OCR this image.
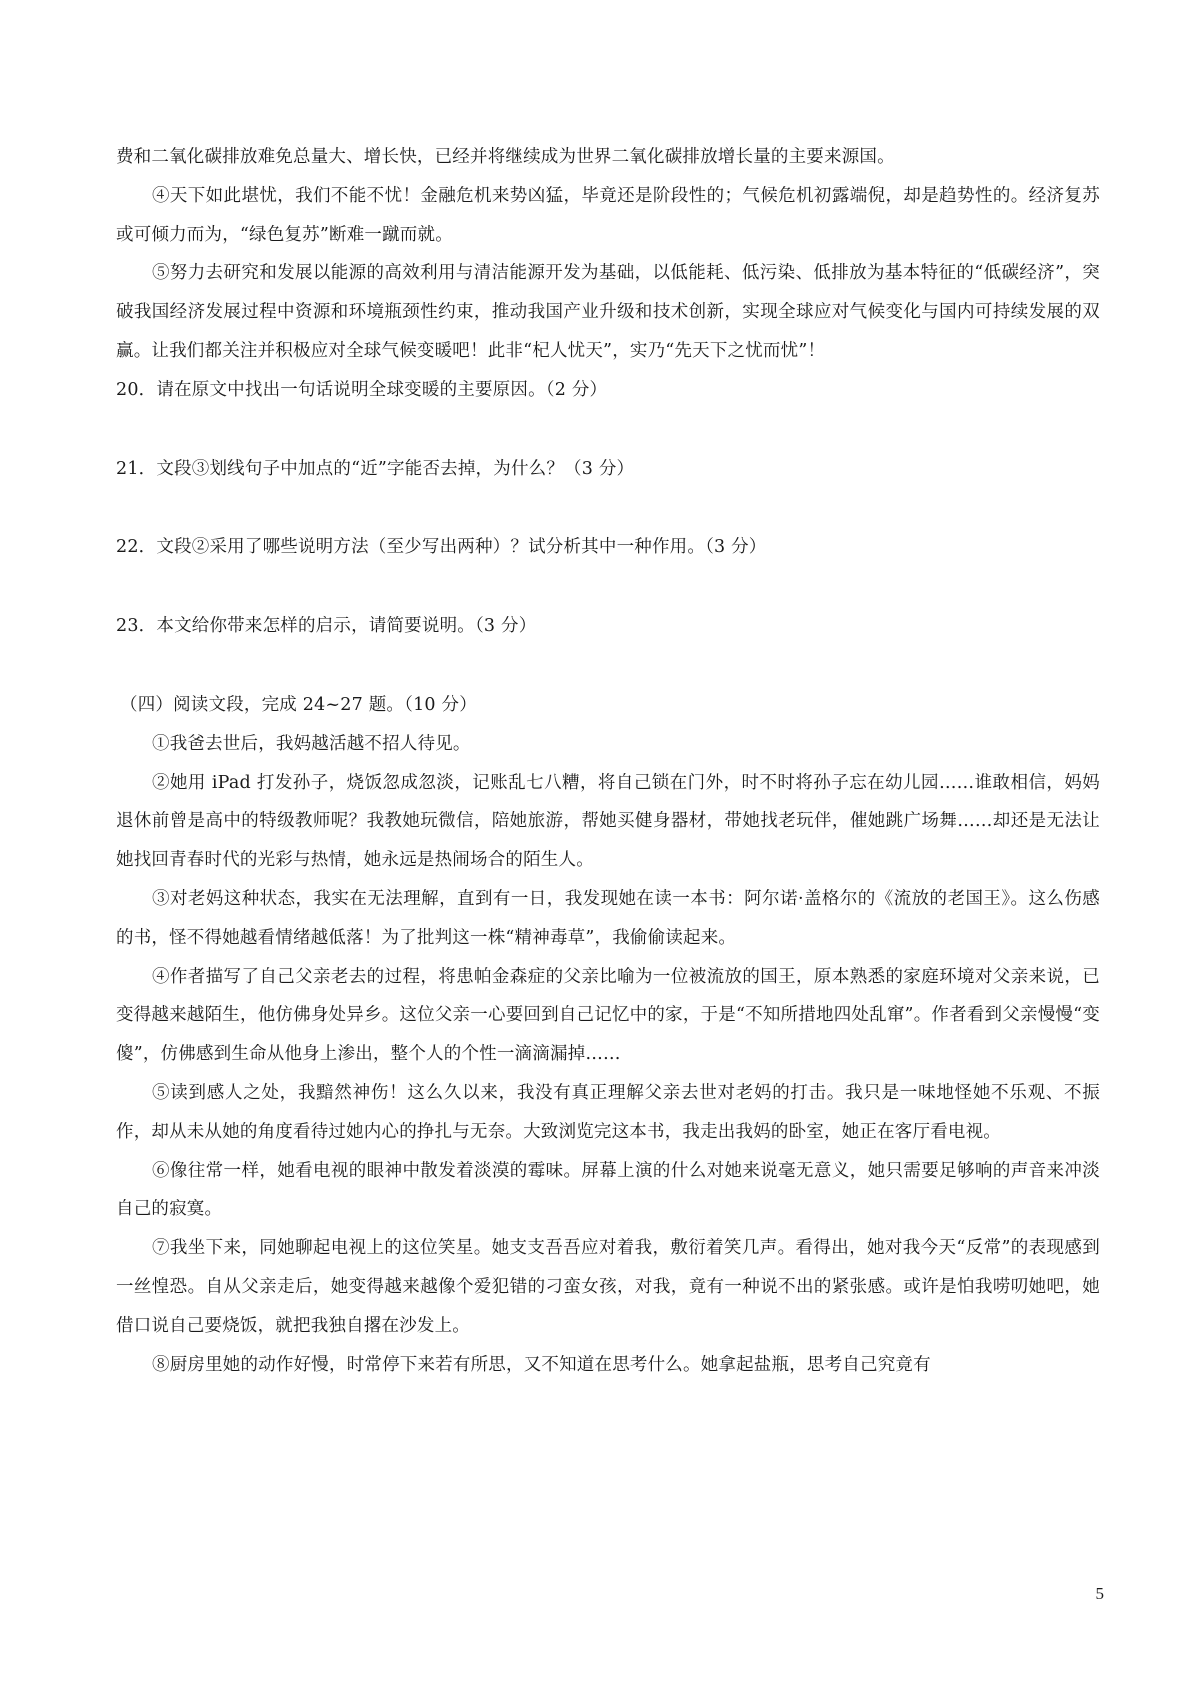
费和二氧化碳排放难免总量大、增长快，已经并将继续成为世界二氧化碳排放增长量的主要来源国。

④天下如此堪忧，我们不能不忧！金融危机来势凶猛，毕竟还是阶段性的；气候危机初露端倪，却是趋势性的。经济复苏或可倾力而为，“绿色复苏”断难一蹴而就。

⑤努力去研究和发展以能源的高效利用与清洁能源开发为基础，以低能耗、低污染、低排放为基本特征的“低碳经济”，突破我国经济发展过程中资源和环境瓶颈性约束，推动我国产业升级和技术创新，实现全球应对气候变化与国内可持续发展的双赢。让我们都关注并积极应对全球气候变暖吧！此非“杞人忧天”，实乃“先天下之忧而忧”！

20．请在原文中找出一句话说明全球变暖的主要原因。（2 分）

21．文段③划线句子中加点的“近”字能否去掉，为什么？（3 分）

22．文段②采用了哪些说明方法（至少写出两种）？试分析其中一种作用。（3 分）

23．本文给你带来怎样的启示，请简要说明。（3 分）

（四）阅读文段，完成 24~27 题。（10 分）

①我爸去世后，我妈越活越不招人待见。

②她用 iPad 打发孙子，烧饭忽成忽淡，记账乱七八糟，将自己锁在门外，时不时将孙子忘在幼儿园……谁敢相信，妈妈退休前曾是高中的特级教师呢？我教她玩微信，陪她旅游，帮她买健身器材，带她找老玩伴，催她跳广场舞……却还是无法让她找回青春时代的光彩与热情，她永远是热闹场合的陌生人。

③对老妈这种状态，我实在无法理解，直到有一日，我发现她在读一本书：阿尔诺·盖格尔的《流放的老国王》。这么伤感的书，怪不得她越看情绪越低落！为了批判这一株“精神毒草”，我偷偷读起来。

④作者描写了自己父亲老去的过程，将患帕金森症的父亲比喻为一位被流放的国王，原本熟悉的家庭环境对父亲来说，已变得越来越陌生，他仿佛身处异乡。这位父亲一心要回到自己记忆中的家，于是“不知所措地四处乱窜”。作者看到父亲慢慢“变傻”，仿佛感到生命从他身上渗出，整个人的个性一滴滴漏掉……

⑤读到感人之处，我黯然神伤！这么久以来，我没有真正理解父亲去世对老妈的打击。我只是一味地怪她不乐观、不振作，却从未从她的角度看待过她内心的挣扎与无奈。大致浏览完这本书，我走出我妈的卧室，她正在客厅看电视。

⑥像往常一样，她看电视的眼神中散发着淡漠的霉味。屏幕上演的什么对她来说毫无意义，她只需要足够响的声音来冲淡自己的寂寞。

⑦我坐下来，同她聊起电视上的这位笑星。她支支吾吾应对着我，敷衍着笑几声。看得出，她对我今天“反常”的表现感到一丝惶恐。自从父亲走后，她变得越来越像个爱犯错的刁蛮女孩，对我，竟有一种说不出的紧张感。或许是怕我唠叨她吧，她借口说自己要烧饭，就把我独自撂在沙发上。

⑧厨房里她的动作好慢，时常停下来若有所思，又不知道在思考什么。她拿起盐瓶，思考自己究竟有

5
